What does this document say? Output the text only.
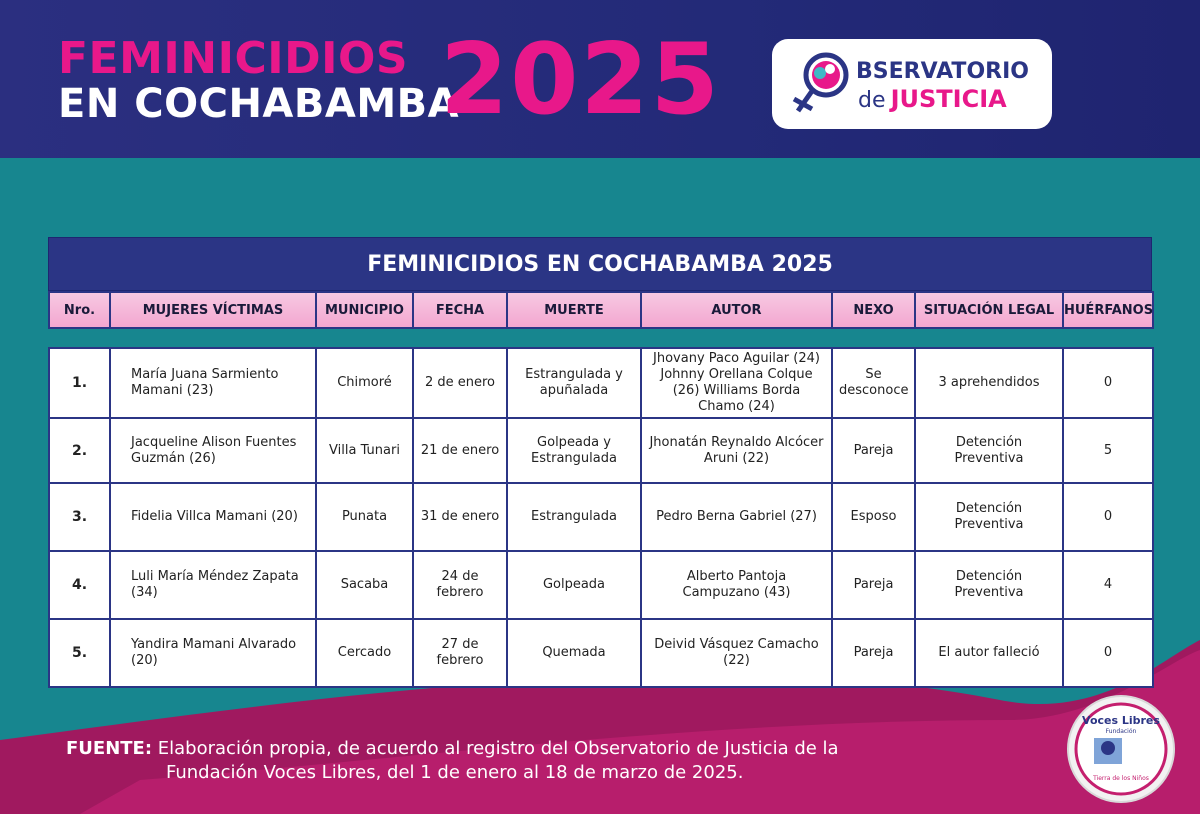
FEMINICIDIOS
EN COCHABAMBA
2025	BSERVATORIO
de JUSTICIA
FEMINICIDIOS EN COCHABAMBA 2025
Nro.	MUJERES VÍCTIMAS	MUNICIPIO	FECHA	MUERTE	AUTOR	NEXO	SITUACIÓN LEGAL	HUÉRFANOS

1.	María Juana Sarmiento Mamani (23)	Chimoré	2 de enero	Estrangulada y apuñalada	Jhovany Paco Aguilar (24) Johnny Orellana Colque (26) Williams Borda Chamo (24)	Se desconoce	3 aprehendidos	0
2.	Jacqueline Alison Fuentes Guzmán (26)	Villa Tunari	21 de enero	Golpeada y Estrangulada	Jhonatán Reynaldo Alcócer Aruni (22)	Pareja	Detención Preventiva	5
3.	Fidelia Villca Mamani (20)	Punata	31 de enero	Estrangulada	Pedro Berna Gabriel (27)	Esposo	Detención Preventiva	0
4.	Luli María Méndez Zapata (34)	Sacaba	24 de febrero	Golpeada	Alberto Pantoja Campuzano (43)	Pareja	Detención Preventiva	4
5.	Yandira Mamani Alvarado (20)	Cercado	27 de febrero	Quemada	Deivid Vásquez Camacho (22)	Pareja	El autor falleció	0
FUENTE: Elaboración propia, de acuerdo al registro del Observatorio de Justicia de la
Fundación Voces Libres, del 1 de enero al 18 de marzo de 2025.
Voces Libres
Fundación
Tierra de los Niños
